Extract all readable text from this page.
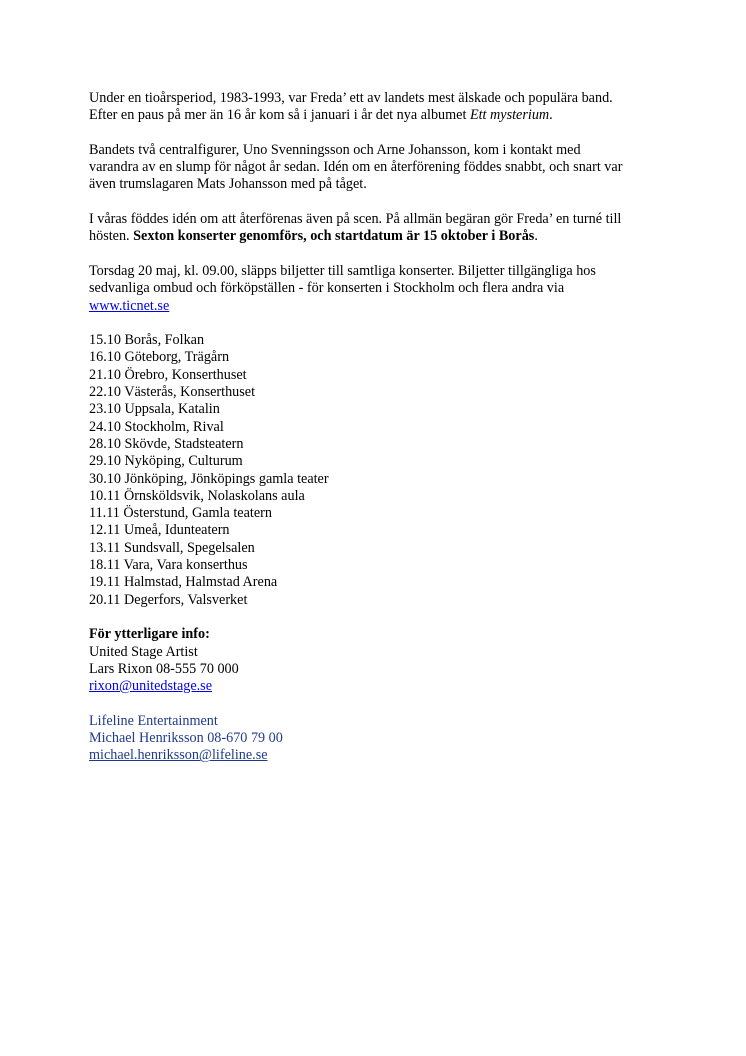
Under en tioårsperiod, 1983-1993, var Freda’ ett av landets mest älskade och populära band.
Efter en paus på mer än 16 år kom så i januari i år det nya albumet Ett mysterium.

Bandets två centralfigurer, Uno Svenningsson och Arne Johansson, kom i kontakt med
varandra av en slump för något år sedan. Idén om en återförening föddes snabbt, och snart var
även trumslagaren Mats Johansson med på tåget.

I våras föddes idén om att återförenas även på scen. På allmän begäran gör Freda’ en turné till
hösten. Sexton konserter genomförs, och startdatum är 15 oktober i Borås.

Torsdag 20 maj, kl. 09.00, släpps biljetter till samtliga konserter. Biljetter tillgängliga hos
sedvanliga ombud och förköpställen - för konserten i Stockholm och flera andra via
www.ticnet.se

15.10 Borås, Folkan
16.10 Göteborg, Trägårn
21.10 Örebro, Konserthuset
22.10 Västerås, Konserthuset
23.10 Uppsala, Katalin
24.10 Stockholm, Rival
28.10 Skövde, Stadsteatern
29.10 Nyköping, Culturum
30.10 Jönköping, Jönköpings gamla teater
10.11 Örnsköldsvik, Nolaskolans aula
11.11 Österstund, Gamla teatern
12.11 Umeå, Idunteatern
13.11 Sundsvall, Spegelsalen
18.11 Vara, Vara konserthus
19.11 Halmstad, Halmstad Arena
20.11 Degerfors, Valsverket

För ytterligare info:
United Stage Artist
Lars Rixon 08-555 70 000
rixon@unitedstage.se

Lifeline Entertainment
Michael Henriksson 08-670 79 00
michael.henriksson@lifeline.se
